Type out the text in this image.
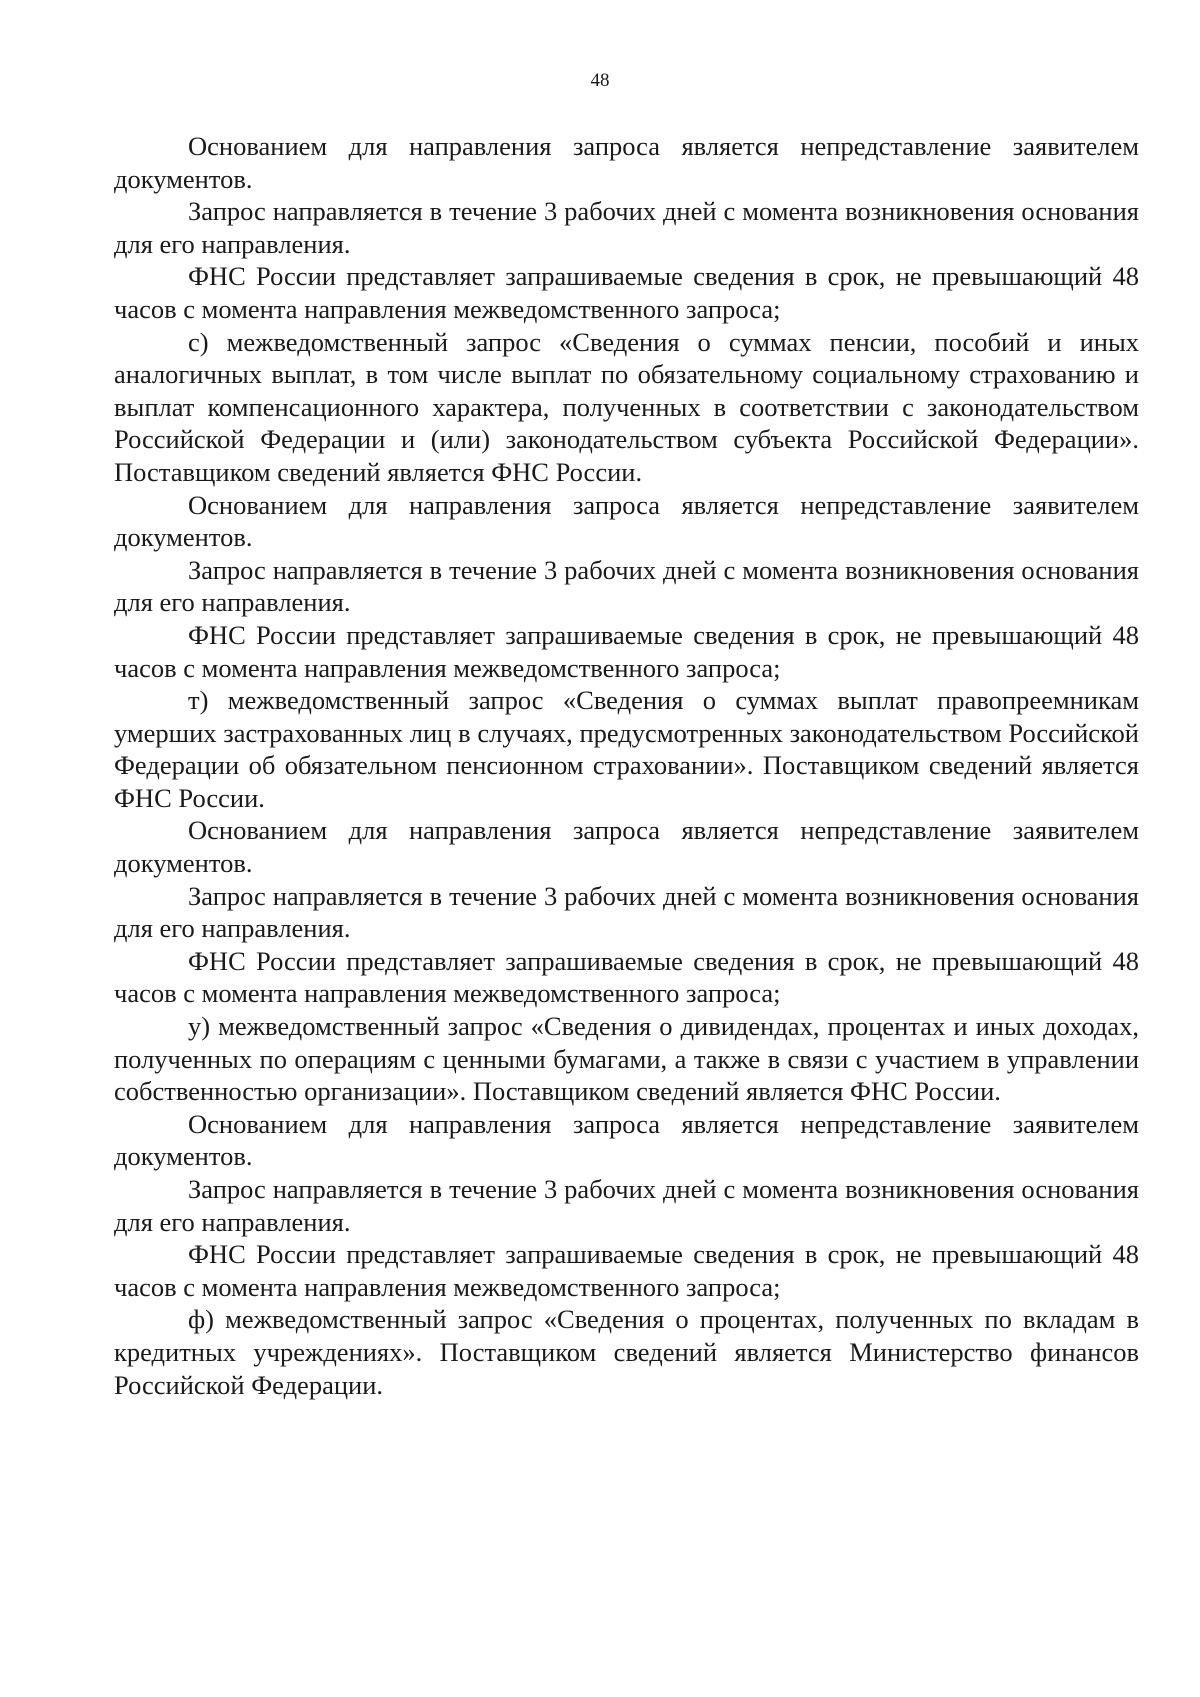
48

Основанием для направления запроса является непредставление заявителем документов.

Запрос направляется в течение 3 рабочих дней с момента возникновения основания для его направления.

ФНС России представляет запрашиваемые сведения в срок, не превышающий 48 часов с момента направления межведомственного запроса;

с) межведомственный запрос «Сведения о суммах пенсии, пособий и иных аналогичных выплат, в том числе выплат по обязательному социальному страхованию и выплат компенсационного характера, полученных в соответствии с законодательством Российской Федерации и (или) законодательством субъекта Российской Федерации». Поставщиком сведений является ФНС России.

Основанием для направления запроса является непредставление заявителем документов.

Запрос направляется в течение 3 рабочих дней с момента возникновения основания для его направления.

ФНС России представляет запрашиваемые сведения в срок, не превышающий 48 часов с момента направления межведомственного запроса;

т) межведомственный запрос «Сведения о суммах выплат правопреемникам умерших застрахованных лиц в случаях, предусмотренных законодательством Российской Федерации об обязательном пенсионном страховании». Поставщиком сведений является ФНС России.

Основанием для направления запроса является непредставление заявителем документов.

Запрос направляется в течение 3 рабочих дней с момента возникновения основания для его направления.

ФНС России представляет запрашиваемые сведения в срок, не превышающий 48 часов с момента направления межведомственного запроса;

у) межведомственный запрос «Сведения о дивидендах, процентах и иных доходах, полученных по операциям с ценными бумагами, а также в связи с участием в управлении собственностью организации». Поставщиком сведений является ФНС России.

Основанием для направления запроса является непредставление заявителем документов.

Запрос направляется в течение 3 рабочих дней с момента возникновения основания для его направления.

ФНС России представляет запрашиваемые сведения в срок, не превышающий 48 часов с момента направления межведомственного запроса;

ф) межведомственный запрос «Сведения о процентах, полученных по вкладам в кредитных учреждениях». Поставщиком сведений является Министерство финансов Российской Федерации.
